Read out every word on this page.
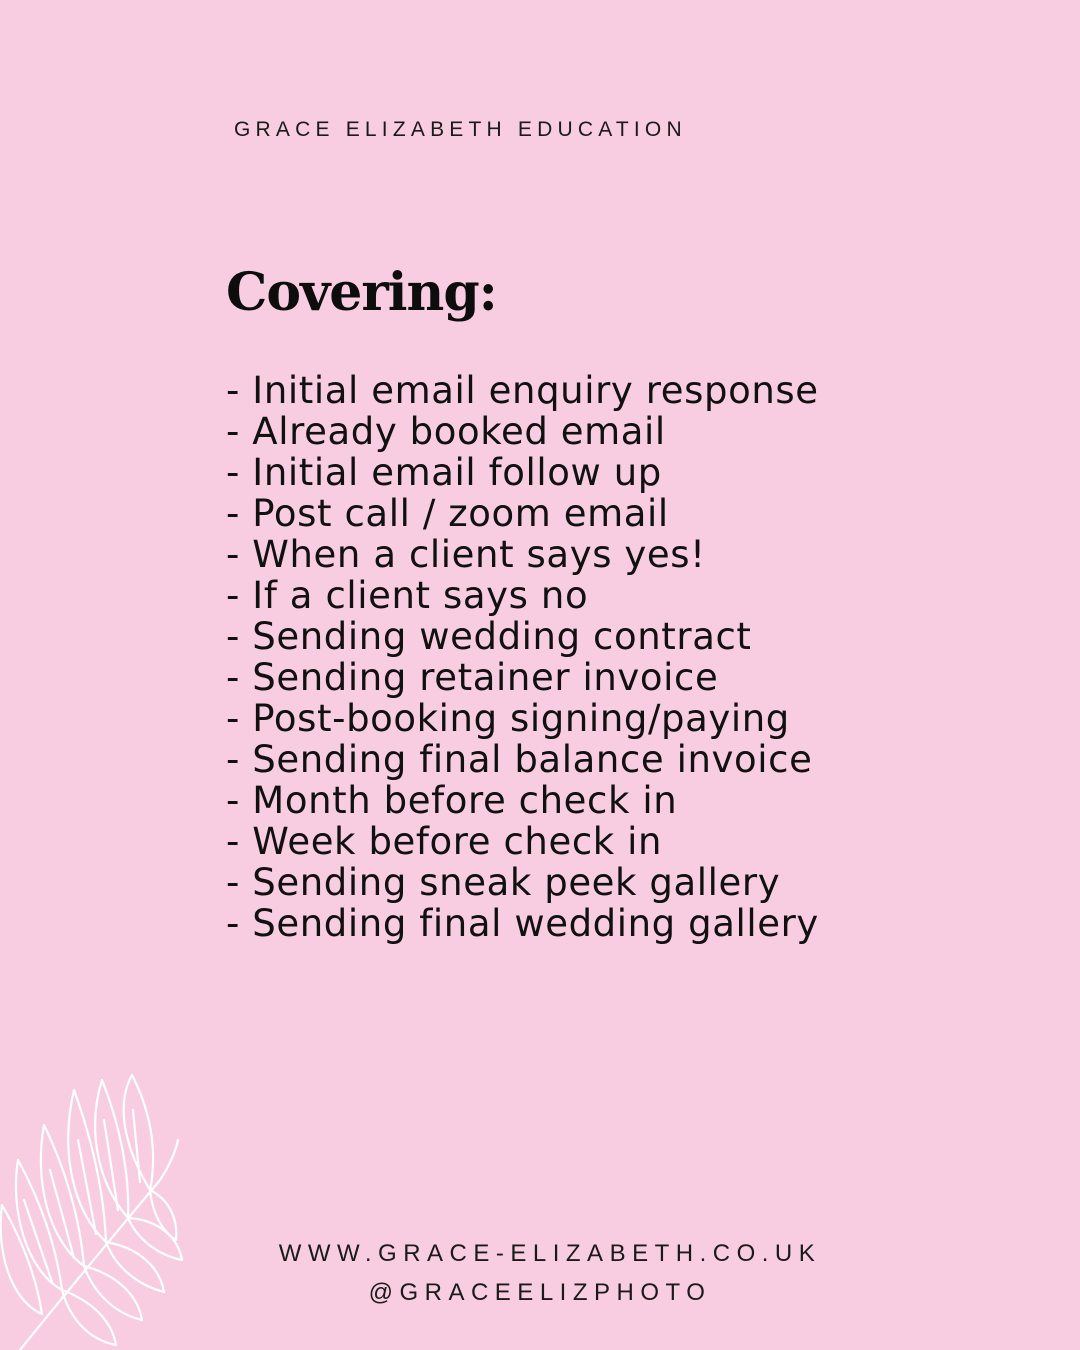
GRACE ELIZABETH EDUCATION
Covering:
- Initial email enquiry response
- Already booked email
- Initial email follow up
- Post call / zoom email
- When a client says yes!
- If a client says no
- Sending wedding contract
- Sending retainer invoice
- Post-booking signing/paying
- Sending final balance invoice
- Month before check in
- Week before check in
- Sending sneak peek gallery
- Sending final wedding gallery
WWW.GRACE-ELIZABETH.CO.UK
@GRACEELIZPHOTO
